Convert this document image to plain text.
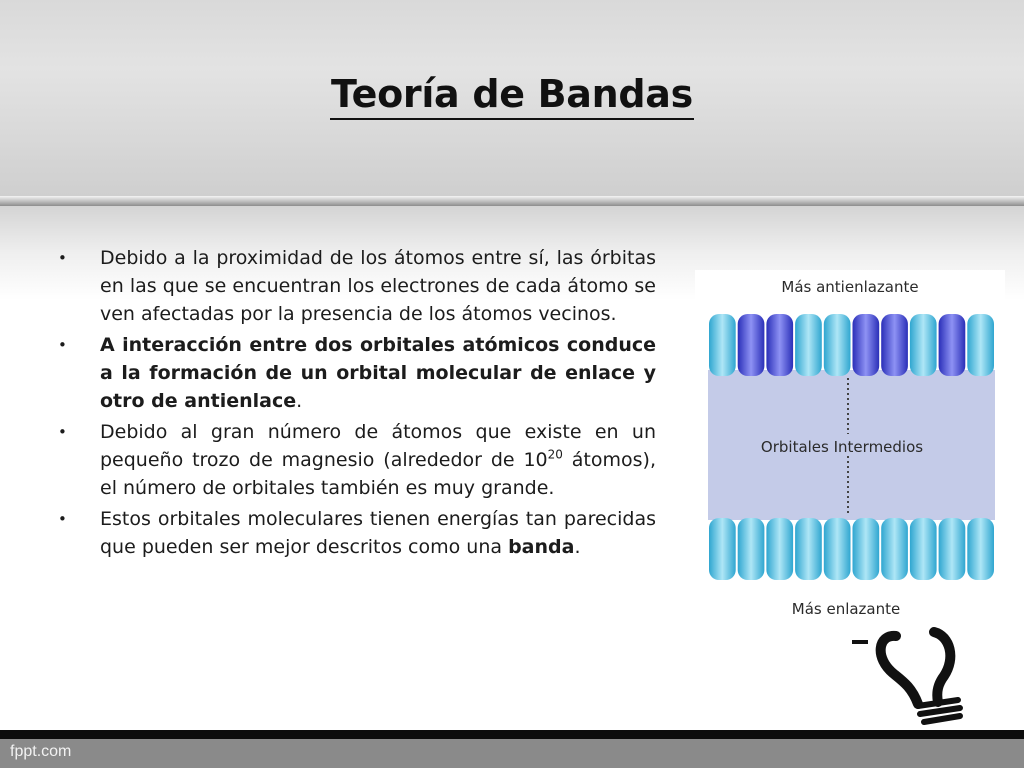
Teoría de Bandas
•	Debido a la proximidad de los átomos entre sí, las órbitas en las que se encuentran los electrones de cada átomo se ven afectadas por la presencia de los átomos vecinos.
•	A interacción entre dos orbitales atómicos conduce a la formación de un orbital molecular de enlace y otro de antienlace.
•	Debido al gran número de átomos que existe en un pequeño trozo de magnesio (alrededor de $10^{20}$ átomos), el número de orbitales también es muy grande.
•	Estos orbitales moleculares tienen energías tan parecidas que pueden ser mejor descritos como una banda.
Más antienlazante
Orbitales Intermedios
Más enlazante
fppt.com
